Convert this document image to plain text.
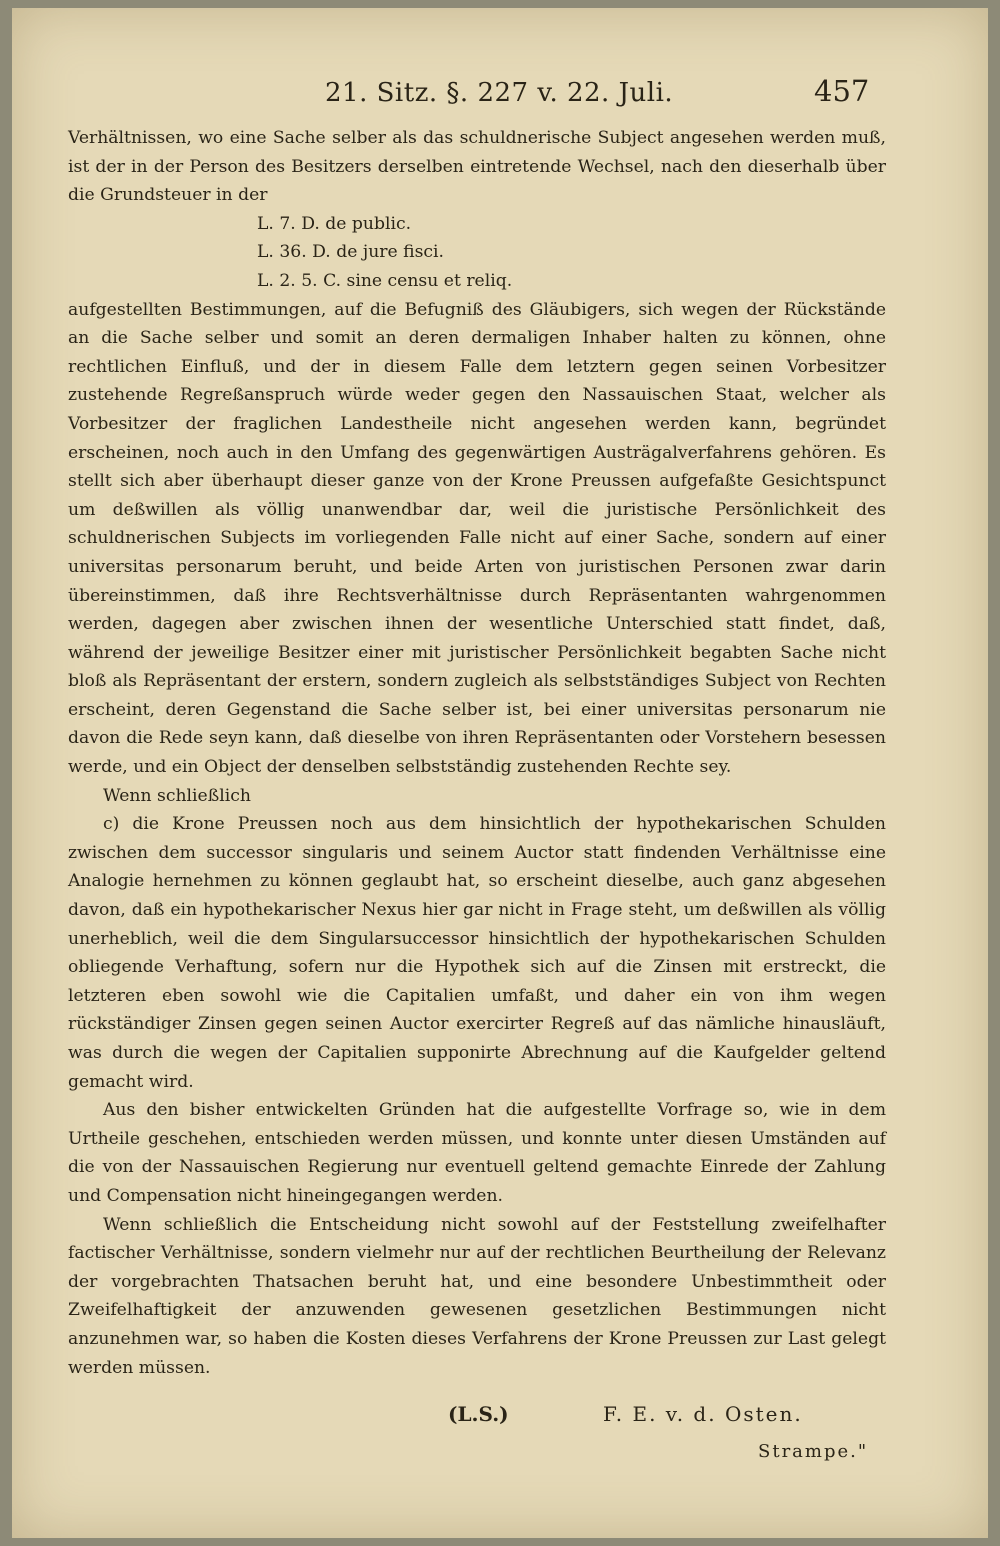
21. Sitz. §. 227 v. 22. Juli.	457

Verhältnissen, wo eine Sache selber als das schuldnerische Subject angesehen werden muß, ist der in der Person des Besitzers derselben eintretende Wechsel, nach den dieserhalb über die Grundsteuer in der

L. 7. D. de public.
L. 36. D. de jure fisci.
L. 2. 5. C. sine censu et reliq.

aufgestellten Bestimmungen, auf die Befugniß des Gläubigers, sich wegen der Rückstände an die Sache selber und somit an deren dermaligen Inhaber halten zu können, ohne rechtlichen Einfluß, und der in diesem Falle dem letztern gegen seinen Vorbesitzer zustehende Regreßanspruch würde weder gegen den Nassauischen Staat, welcher als Vorbesitzer der fraglichen Landestheile nicht angesehen werden kann, begründet erscheinen, noch auch in den Umfang des gegenwärtigen Austrägalverfahrens gehören. Es stellt sich aber überhaupt dieser ganze von der Krone Preussen aufgefaßte Gesichtspunct um deßwillen als völlig unanwendbar dar, weil die juristische Persönlichkeit des schuldnerischen Subjects im vorliegenden Falle nicht auf einer Sache, sondern auf einer universitas personarum beruht, und beide Arten von juristischen Personen zwar darin übereinstimmen, daß ihre Rechtsverhältnisse durch Repräsentanten wahrgenommen werden, dagegen aber zwischen ihnen der wesentliche Unterschied statt findet, daß, während der jeweilige Besitzer einer mit juristischer Persönlichkeit begabten Sache nicht bloß als Repräsentant der erstern, sondern zugleich als selbstständiges Subject von Rechten erscheint, deren Gegenstand die Sache selber ist, bei einer universitas personarum nie davon die Rede seyn kann, daß dieselbe von ihren Repräsentanten oder Vorstehern besessen werde, und ein Object der denselben selbstständig zustehenden Rechte sey.

Wenn schließlich

c) die Krone Preussen noch aus dem hinsichtlich der hypothekarischen Schulden zwischen dem successor singularis und seinem Auctor statt findenden Verhältnisse eine Analogie hernehmen zu können geglaubt hat, so erscheint dieselbe, auch ganz abgesehen davon, daß ein hypothekarischer Nexus hier gar nicht in Frage steht, um deßwillen als völlig unerheblich, weil die dem Singularsuccessor hinsichtlich der hypothekarischen Schulden obliegende Verhaftung, sofern nur die Hypothek sich auf die Zinsen mit erstreckt, die letzteren eben sowohl wie die Capitalien umfaßt, und daher ein von ihm wegen rückständiger Zinsen gegen seinen Auctor exercirter Regreß auf das nämliche hinausläuft, was durch die wegen der Capitalien supponirte Abrechnung auf die Kaufgelder geltend gemacht wird.

Aus den bisher entwickelten Gründen hat die aufgestellte Vorfrage so, wie in dem Urtheile geschehen, entschieden werden müssen, und konnte unter diesen Umständen auf die von der Nassauischen Regierung nur eventuell geltend gemachte Einrede der Zahlung und Compensation nicht hineingegangen werden.

Wenn schließlich die Entscheidung nicht sowohl auf der Feststellung zweifelhafter factischer Verhältnisse, sondern vielmehr nur auf der rechtlichen Beurtheilung der Relevanz der vorgebrachten Thatsachen beruht hat, und eine besondere Unbestimmtheit oder Zweifelhaftigkeit der anzuwenden gewesenen gesetzlichen Bestimmungen nicht anzunehmen war, so haben die Kosten dieses Verfahrens der Krone Preussen zur Last gelegt werden müssen.

(L.S.)	F. E. v. d. Osten.
Strampe."
